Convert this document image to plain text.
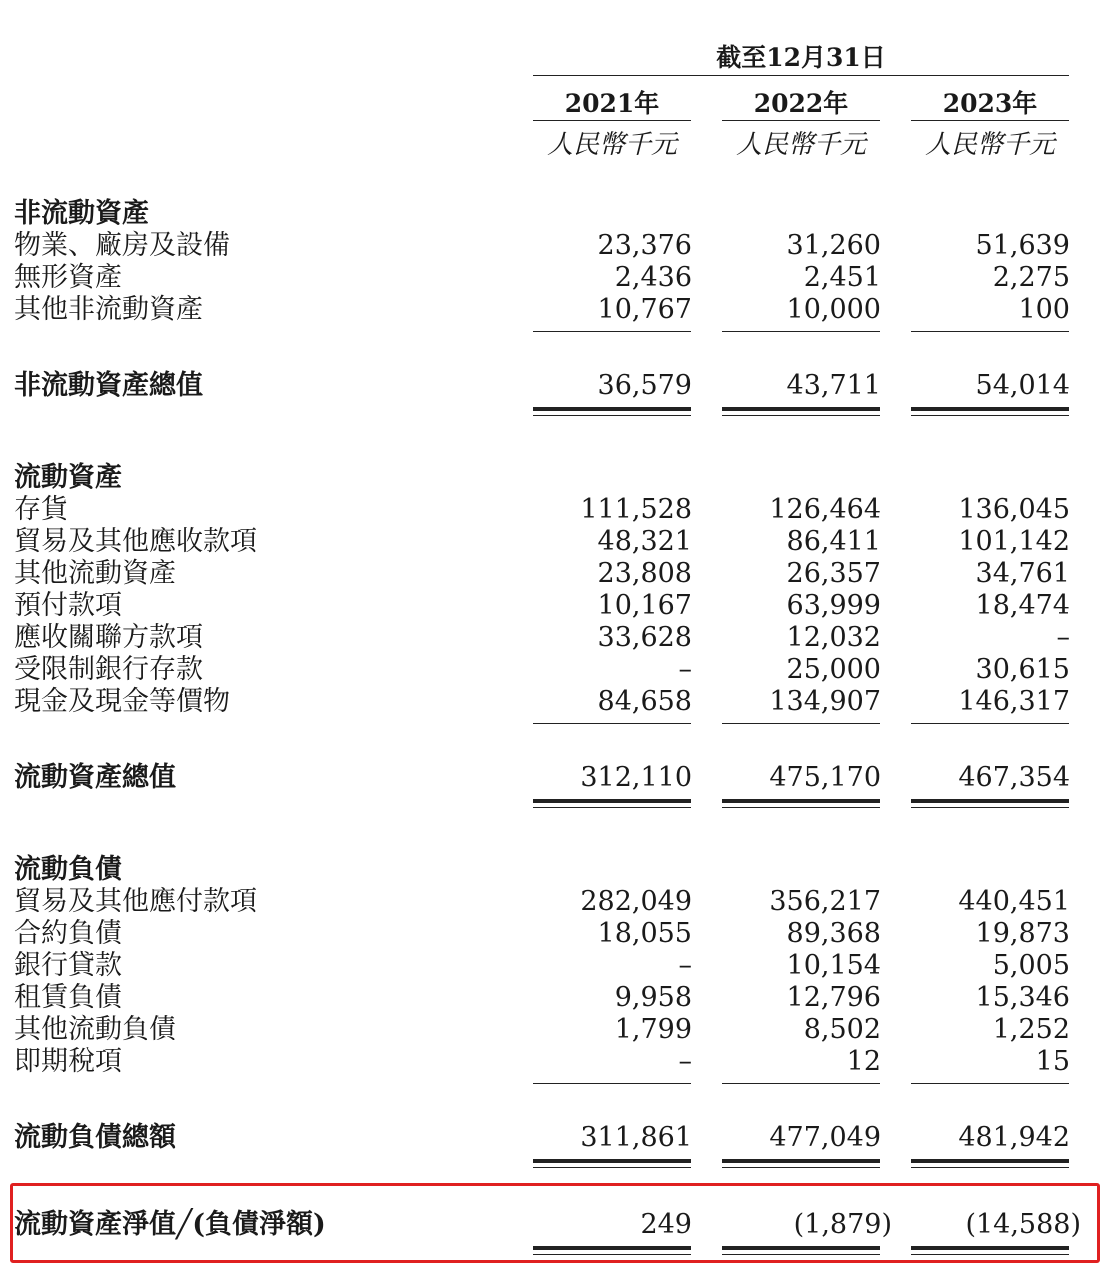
截至12月31日
2021年	2022年	2023年
人民幣千元	人民幣千元	人民幣千元
非流動資產
物業、廠房及設備	23,376	31,260	51,639
無形資產	2,436	2,451	2,275
其他非流動資產	10,767	10,000	100
非流動資產總值	36,579	43,711	54,014
流動資產
存貨	111,528	126,464	136,045
貿易及其他應收款項	48,321	86,411	101,142
其他流動資產	23,808	26,357	34,761
預付款項	10,167	63,999	18,474
應收關聯方款項	33,628	12,032	–
受限制銀行存款	–	25,000	30,615
現金及現金等價物	84,658	134,907	146,317
流動資產總值	312,110	475,170	467,354
流動負債
貿易及其他應付款項	282,049	356,217	440,451
合約負債	18,055	89,368	19,873
銀行貸款	–	10,154	5,005
租賃負債	9,958	12,796	15,346
其他流動負債	1,799	8,502	1,252
即期稅項	–	12	15
流動負債總額	311,861	477,049	481,942
流動資產淨值╱(負債淨額)	249	(1,879)	(14,588)
